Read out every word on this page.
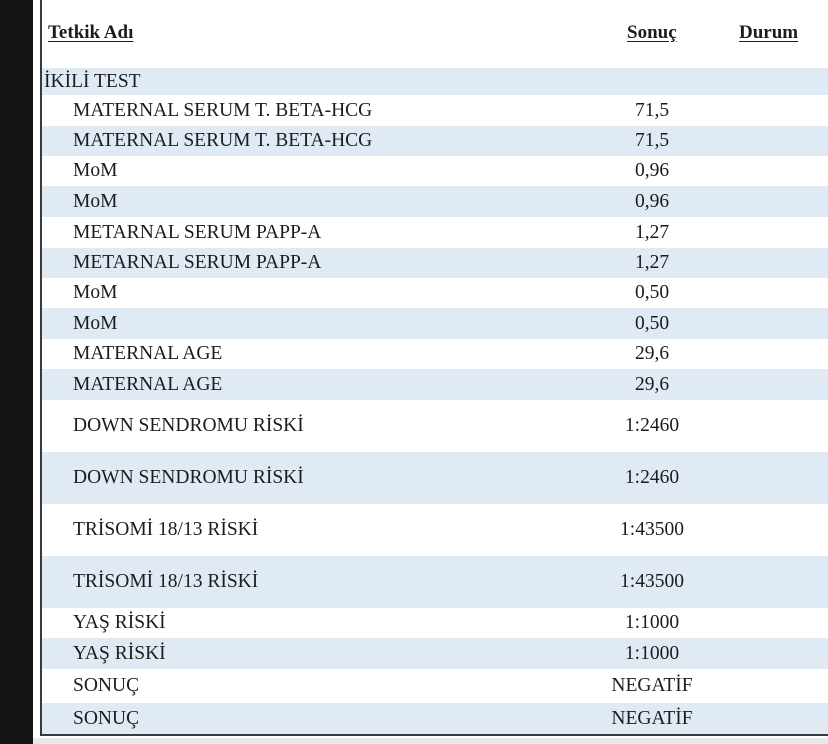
Tetkik Adı	Sonuç	Durum
İKİLİ TEST
MATERNAL SERUM T. BETA-HCG	71,5
MATERNAL SERUM T. BETA-HCG	71,5
MoM	0,96
MoM	0,96
METARNAL SERUM PAPP-A	1,27
METARNAL SERUM PAPP-A	1,27
MoM	0,50
MoM	0,50
MATERNAL AGE	29,6
MATERNAL AGE	29,6
DOWN SENDROMU RİSKİ	1:2460
DOWN SENDROMU RİSKİ	1:2460
TRİSOMİ 18/13 RİSKİ	1:43500
TRİSOMİ 18/13 RİSKİ	1:43500
YAŞ RİSKİ	1:1000
YAŞ RİSKİ	1:1000
SONUÇ	NEGATİF
SONUÇ	NEGATİF
